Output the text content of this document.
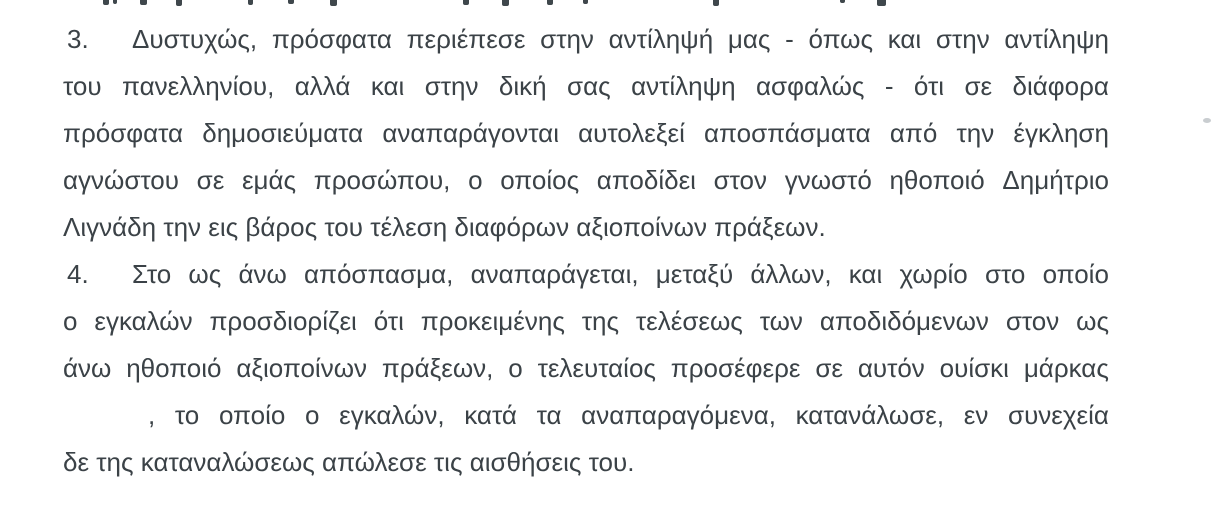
3. Δυστυχώς, πρόσφατα περιέπεσε στην αντίληψή μας - όπως και στην αντίληψη
του πανελληνίου, αλλά και στην δική σας αντίληψη ασφαλώς - ότι σε διάφορα
πρόσφατα δημοσιεύματα αναπαράγονται αυτολεξεί αποσπάσματα από την έγκληση
αγνώστου σε εμάς προσώπου, ο οποίος αποδίδει στον γνωστό ηθοποιό Δημήτριο
Λιγνάδη την εις βάρος του τέλεση διαφόρων αξιοποίνων πράξεων.
4. Στο ως άνω απόσπασμα, αναπαράγεται, μεταξύ άλλων, και χωρίο στο οποίο
ο εγκαλών προσδιορίζει ότι προκειμένης της τελέσεως των αποδιδόμενων στον ως
άνω ηθοποιό αξιοποίνων πράξεων, ο τελευταίος προσέφερε σε αυτόν ουίσκι μάρκας
, το οποίο ο εγκαλών, κατά τα αναπαραγόμενα, κατανάλωσε, εν συνεχεία
δε της καταναλώσεως απώλεσε τις αισθήσεις του.
